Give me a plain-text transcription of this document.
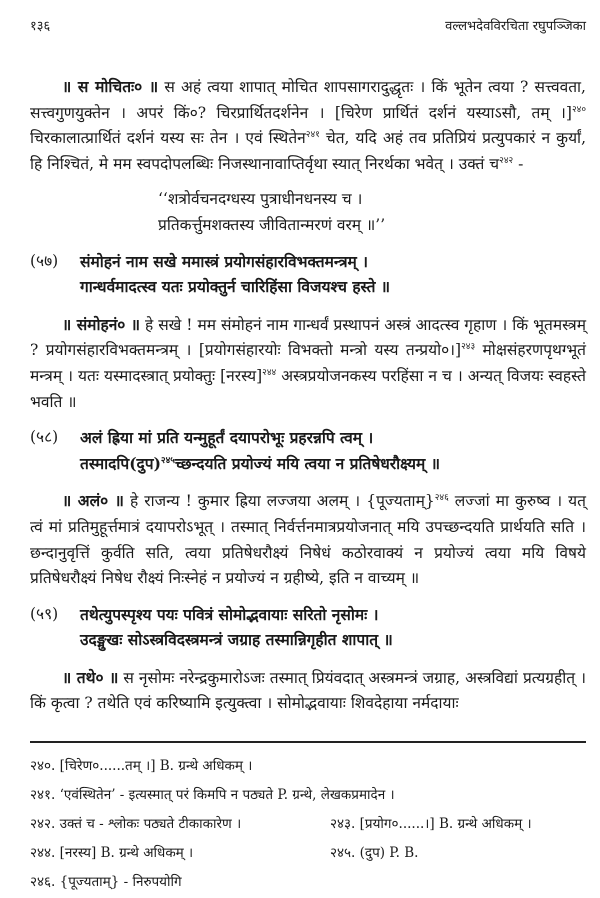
१३६	वल्लभदेवविरचिता रघुपञ्जिका

॥ स मोचितः० ॥ स अहं त्वया शापात् मोचित शापसागरादुद्धृतः । किं भूतेन त्वया ? सत्त्ववता, सत्त्वगुणयुक्तेन । अपरं किं०? चिरप्रार्थितदर्शनेन । [चिरेण प्रार्थितं दर्शनं यस्याऽसौ, तम् ।]$^{२४०}$ चिरकालात्प्रार्थितं दर्शनं यस्य सः तेन । एवं स्थितेन$^{२४१}$ चेत, यदि अहं तव प्रतिप्रियं प्रत्युपकारं न कुर्यां, हि निश्चितं, मे मम स्वपदोपलब्धिः निजस्थानावाप्तिर्वृथा स्यात् निरर्थका भवेत् । उक्तं च$^{२४२}$ -

‘‘शत्रोर्वचनदग्धस्य पुत्राधीनधनस्य च ।
प्रतिकर्त्तुमशक्तस्य जीवितान्मरणं वरम् ॥’’
(५७)	संमोहनं नाम सखे ममास्त्रं प्रयोगसंहारविभक्तमन्त्रम् ।
गान्धर्वमादत्स्व यतः प्रयोक्तुर्न चारिहिंसा विजयश्च हस्ते ॥

॥ संमोहनं० ॥ हे सखे ! मम संमोहनं नाम गान्धर्वं प्रस्थापनं अस्त्रं आदत्स्व गृहाण । किं भूतमस्त्रम् ? प्रयोगसंहारविभक्तमन्त्रम् । [प्रयोगसंहारयोः विभक्तो मन्त्रो यस्य तन्प्रयो०।]$^{२४३}$ मोक्षसंहरणपृथग्भूतं मन्त्रम् । यतः यस्मादस्त्रात् प्रयोक्तुः [नरस्य]$^{२४४}$ अस्त्रप्रयोजनकस्य परहिंसा न च । अन्यत् विजयः स्वहस्ते भवति ॥

(५८)	अलं ह्रिया मां प्रति यन्मुहूर्तं दयापरोभूः प्रहरन्नपि त्वम् ।
तस्मादपि(दुप)$^{२४५}$च्छन्दयति प्रयोज्यं मयि त्वया न प्रतिषेधरौक्ष्यम् ॥

॥ अलं० ॥ हे राजन्य ! कुमार ह्रिया लज्जया अलम् । {पूज्यताम्}$^{२४६}$ लज्जां मा कुरुष्व । यत् त्वं मां प्रतिमुहूर्त्तमात्रं दयापरोऽभूत् । तस्मात् निर्वर्त्तनमात्रप्रयोजनात् मयि उपच्छन्दयति प्रार्थयति सति । छन्दानुवृत्तिं कुर्वति सति, त्वया प्रतिषेधरौक्ष्यं निषेधं कठोरवाक्यं न प्रयोज्यं त्वया मयि विषये प्रतिषेधरौक्ष्यं निषेध रौक्ष्यं निःस्नेहं न प्रयोज्यं न ग्रहीष्ये, इति न वाच्यम् ॥

(५९)	तथेत्युपस्पृश्य पयः पवित्रं सोमोद्भवायाः सरितो नृसोमः ।
उदङ्मुखः सोऽस्त्रविदस्त्रमन्त्रं जग्राह तस्मान्निगृहीत शापात् ॥

॥ तथे० ॥ स नृसोमः नरेन्द्रकुमारोऽजः तस्मात् प्रियंवदात् अस्त्रमन्त्रं जग्राह, अस्त्रविद्यां प्रत्यग्रहीत् । किं कृत्वा ? तथेति एवं करिष्यामि इत्युक्त्वा । सोमोद्भवायाः शिवदेहाया नर्मदायाः

२४०. [चिरेण०......तम् ।] B. ग्रन्थे अधिकम् ।
२४१. ‘एवंस्थितेन’ - इत्यस्मात् परं किमपि न पठ्यते P. ग्रन्थे, लेखकप्रमादेन ।
२४२. उक्तं च - श्लोकः पठ्यते टीकाकारेण ।	२४३. [प्रयोग०......।] B. ग्रन्थे अधिकम् ।
२४४. [नरस्य] B. ग्रन्थे अधिकम् ।	२४५. (दुप) P. B.
२४६. {पूज्यताम्} - निरुपयोगि
